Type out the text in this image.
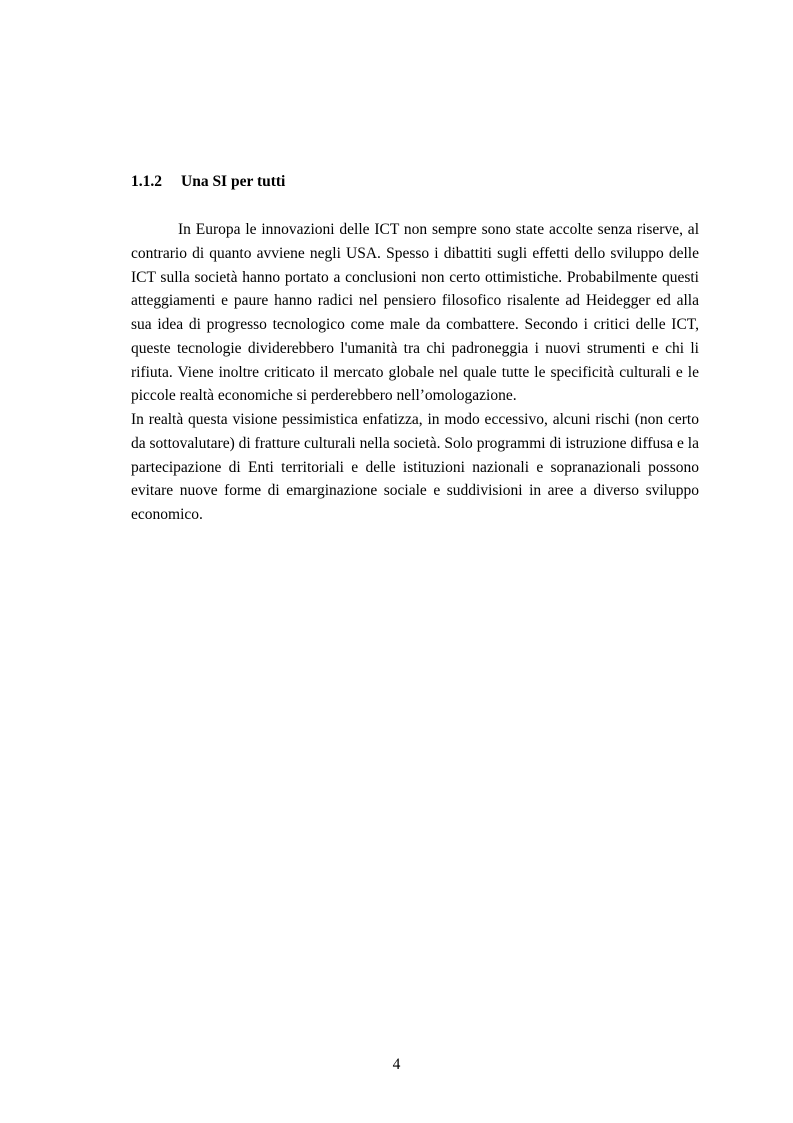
1.1.2 Una SI per tutti

In Europa le innovazioni delle ICT non sempre sono state accolte senza riserve, al contrario di quanto avviene negli USA. Spesso i dibattiti sugli effetti dello sviluppo delle ICT sulla società hanno portato a conclusioni non certo ottimistiche. Probabilmente questi atteggiamenti e paure hanno radici nel pensiero filosofico risalente ad Heidegger ed alla sua idea di progresso tecnologico come male da combattere. Secondo i critici delle ICT, queste tecnologie dividerebbero l'umanità tra chi padroneggia i nuovi strumenti e chi li rifiuta. Viene inoltre criticato il mercato globale nel quale tutte le specificità culturali e le piccole realtà economiche si perderebbero nell’omologazione.

In realtà questa visione pessimistica enfatizza, in modo eccessivo, alcuni rischi (non certo da sottovalutare) di fratture culturali nella società. Solo programmi di istruzione diffusa e la partecipazione di Enti territoriali e delle istituzioni nazionali e sopranazionali possono evitare nuove forme di emarginazione sociale e suddivisioni in aree a diverso sviluppo economico.

4
